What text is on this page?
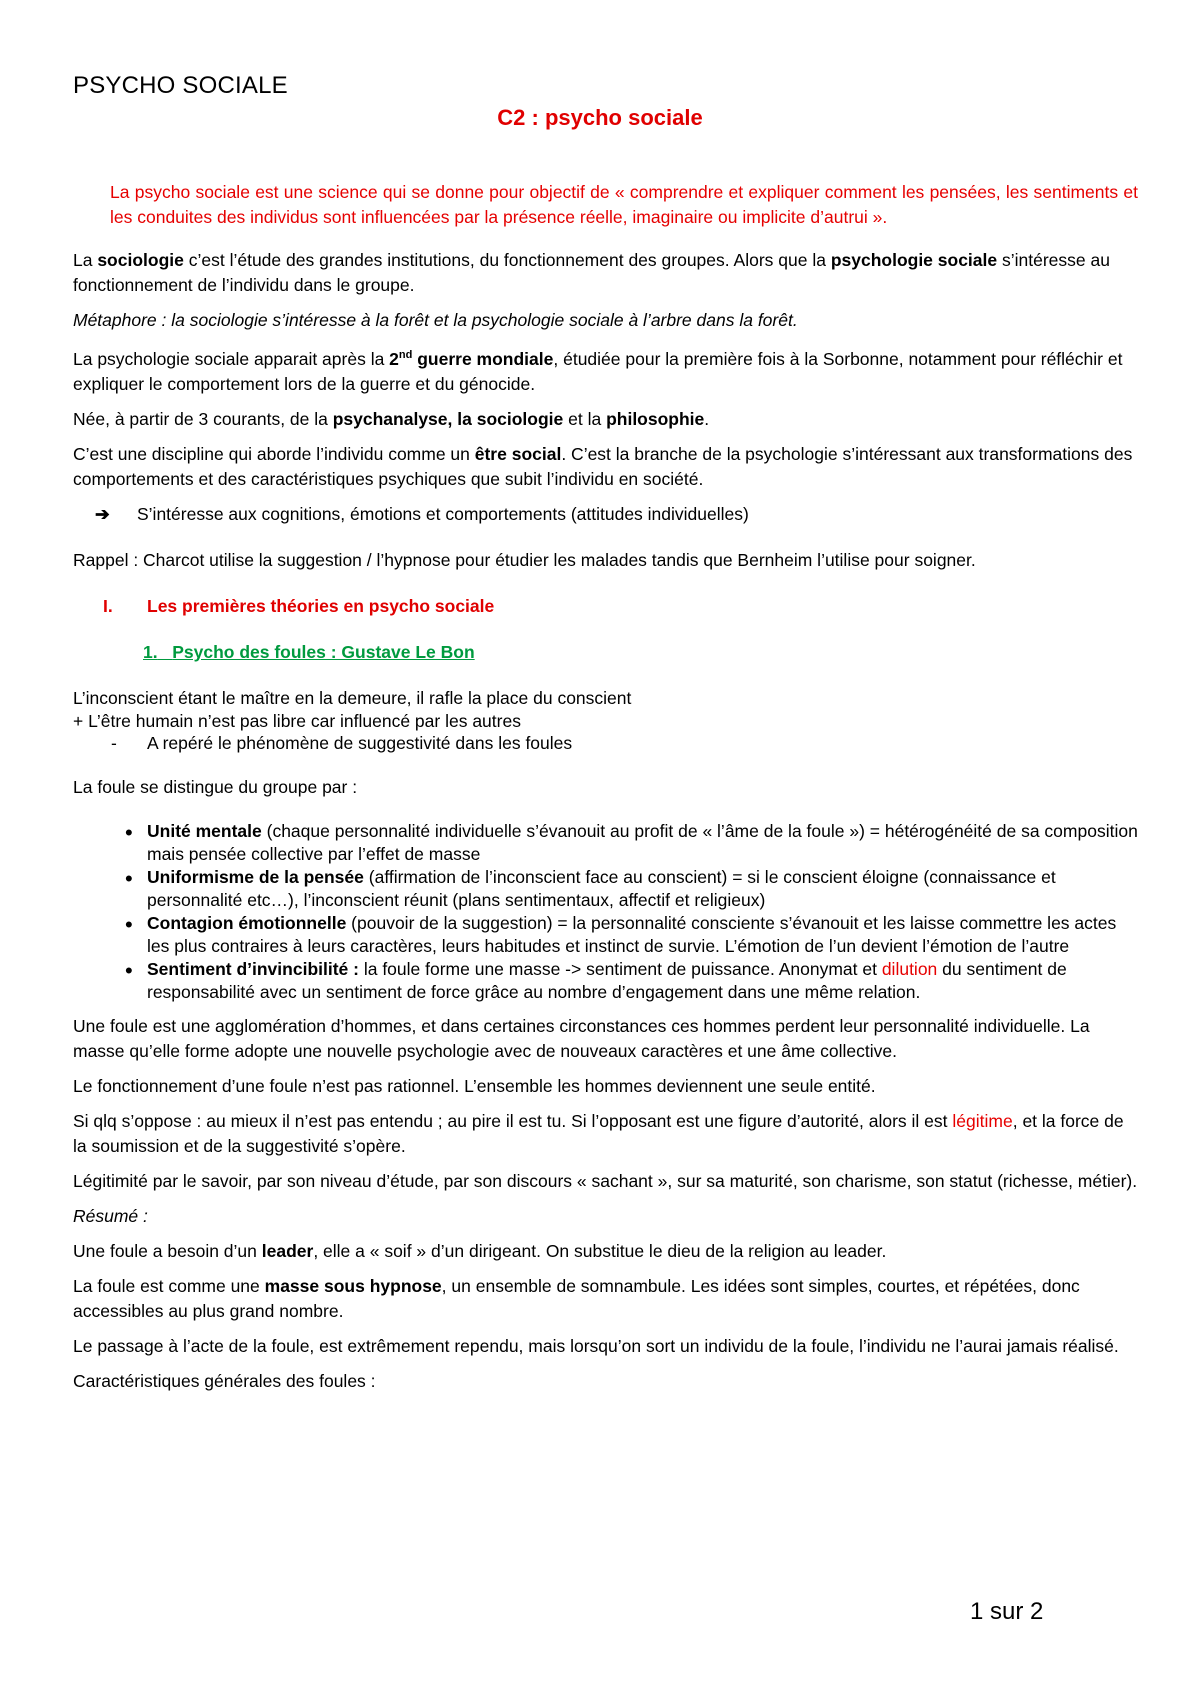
PSYCHO SOCIALE
C2 : psycho sociale

La psycho sociale est une science qui se donne pour objectif de « comprendre et expliquer comment les pensées, les sentiments et les conduites des individus sont influencées par la présence réelle, imaginaire ou implicite d’autrui ».

La sociologie c’est l’étude des grandes institutions, du fonctionnement des groupes. Alors que la psychologie sociale s’intéresse au fonctionnement de l’individu dans le groupe.

Métaphore : la sociologie s’intéresse à la forêt et la psychologie sociale à l’arbre dans la forêt.

La psychologie sociale apparait après la 2nd guerre mondiale, étudiée pour la première fois à la Sorbonne, notamment pour réfléchir et expliquer le comportement lors de la guerre et du génocide.

Née, à partir de 3 courants, de la psychanalyse, la sociologie et la philosophie.

C’est une discipline qui aborde l’individu comme un être social. C’est la branche de la psychologie s’intéressant aux transformations des comportements et des caractéristiques psychiques que subit l’individu en société.

➔ S’intéresse aux cognitions, émotions et comportements (attitudes individuelles)

Rappel : Charcot utilise la suggestion / l’hypnose pour étudier les malades tandis que Bernheim l’utilise pour soigner.

I. Les premières théories en psycho sociale

1. Psycho des foules : Gustave Le Bon

L’inconscient étant le maître en la demeure, il rafle la place du conscient

+ L’être humain n’est pas libre car influencé par les autres

- A repéré le phénomène de suggestivité dans les foules

La foule se distingue du groupe par :

• Unité mentale (chaque personnalité individuelle s’évanouit au profit de « l’âme de la foule ») = hétérogénéité de sa composition mais pensée collective par l’effet de masse

• Uniformisme de la pensée (affirmation de l’inconscient face au conscient) = si le conscient éloigne (connaissance et personnalité etc…), l’inconscient réunit (plans sentimentaux, affectif et religieux)

• Contagion émotionnelle (pouvoir de la suggestion) = la personnalité consciente s’évanouit et les laisse commettre les actes les plus contraires à leurs caractères, leurs habitudes et instinct de survie. L’émotion de l’un devient l’émotion de l’autre

• Sentiment d’invincibilité : la foule forme une masse -> sentiment de puissance. Anonymat et dilution du sentiment de responsabilité avec un sentiment de force grâce au nombre d’engagement dans une même relation.

Une foule est une agglomération d’hommes, et dans certaines circonstances ces hommes perdent leur personnalité individuelle. La masse qu’elle forme adopte une nouvelle psychologie avec de nouveaux caractères et une âme collective.

Le fonctionnement d’une foule n’est pas rationnel. L’ensemble les hommes deviennent une seule entité.

Si qlq s’oppose : au mieux il n’est pas entendu ; au pire il est tu. Si l’opposant est une figure d’autorité, alors il est légitime, et la force de la soumission et de la suggestivité s’opère.

Légitimité par le savoir, par son niveau d’étude, par son discours « sachant », sur sa maturité, son charisme, son statut (richesse, métier).

Résumé :

Une foule a besoin d’un leader, elle a « soif » d’un dirigeant. On substitue le dieu de la religion au leader.

La foule est comme une masse sous hypnose, un ensemble de somnambule. Les idées sont simples, courtes, et répétées, donc accessibles au plus grand nombre.

Le passage à l’acte de la foule, est extrêmement rependu, mais lorsqu’on sort un individu de la foule, l’individu ne l’aurai jamais réalisé.

Caractéristiques générales des foules :

1 sur 2
